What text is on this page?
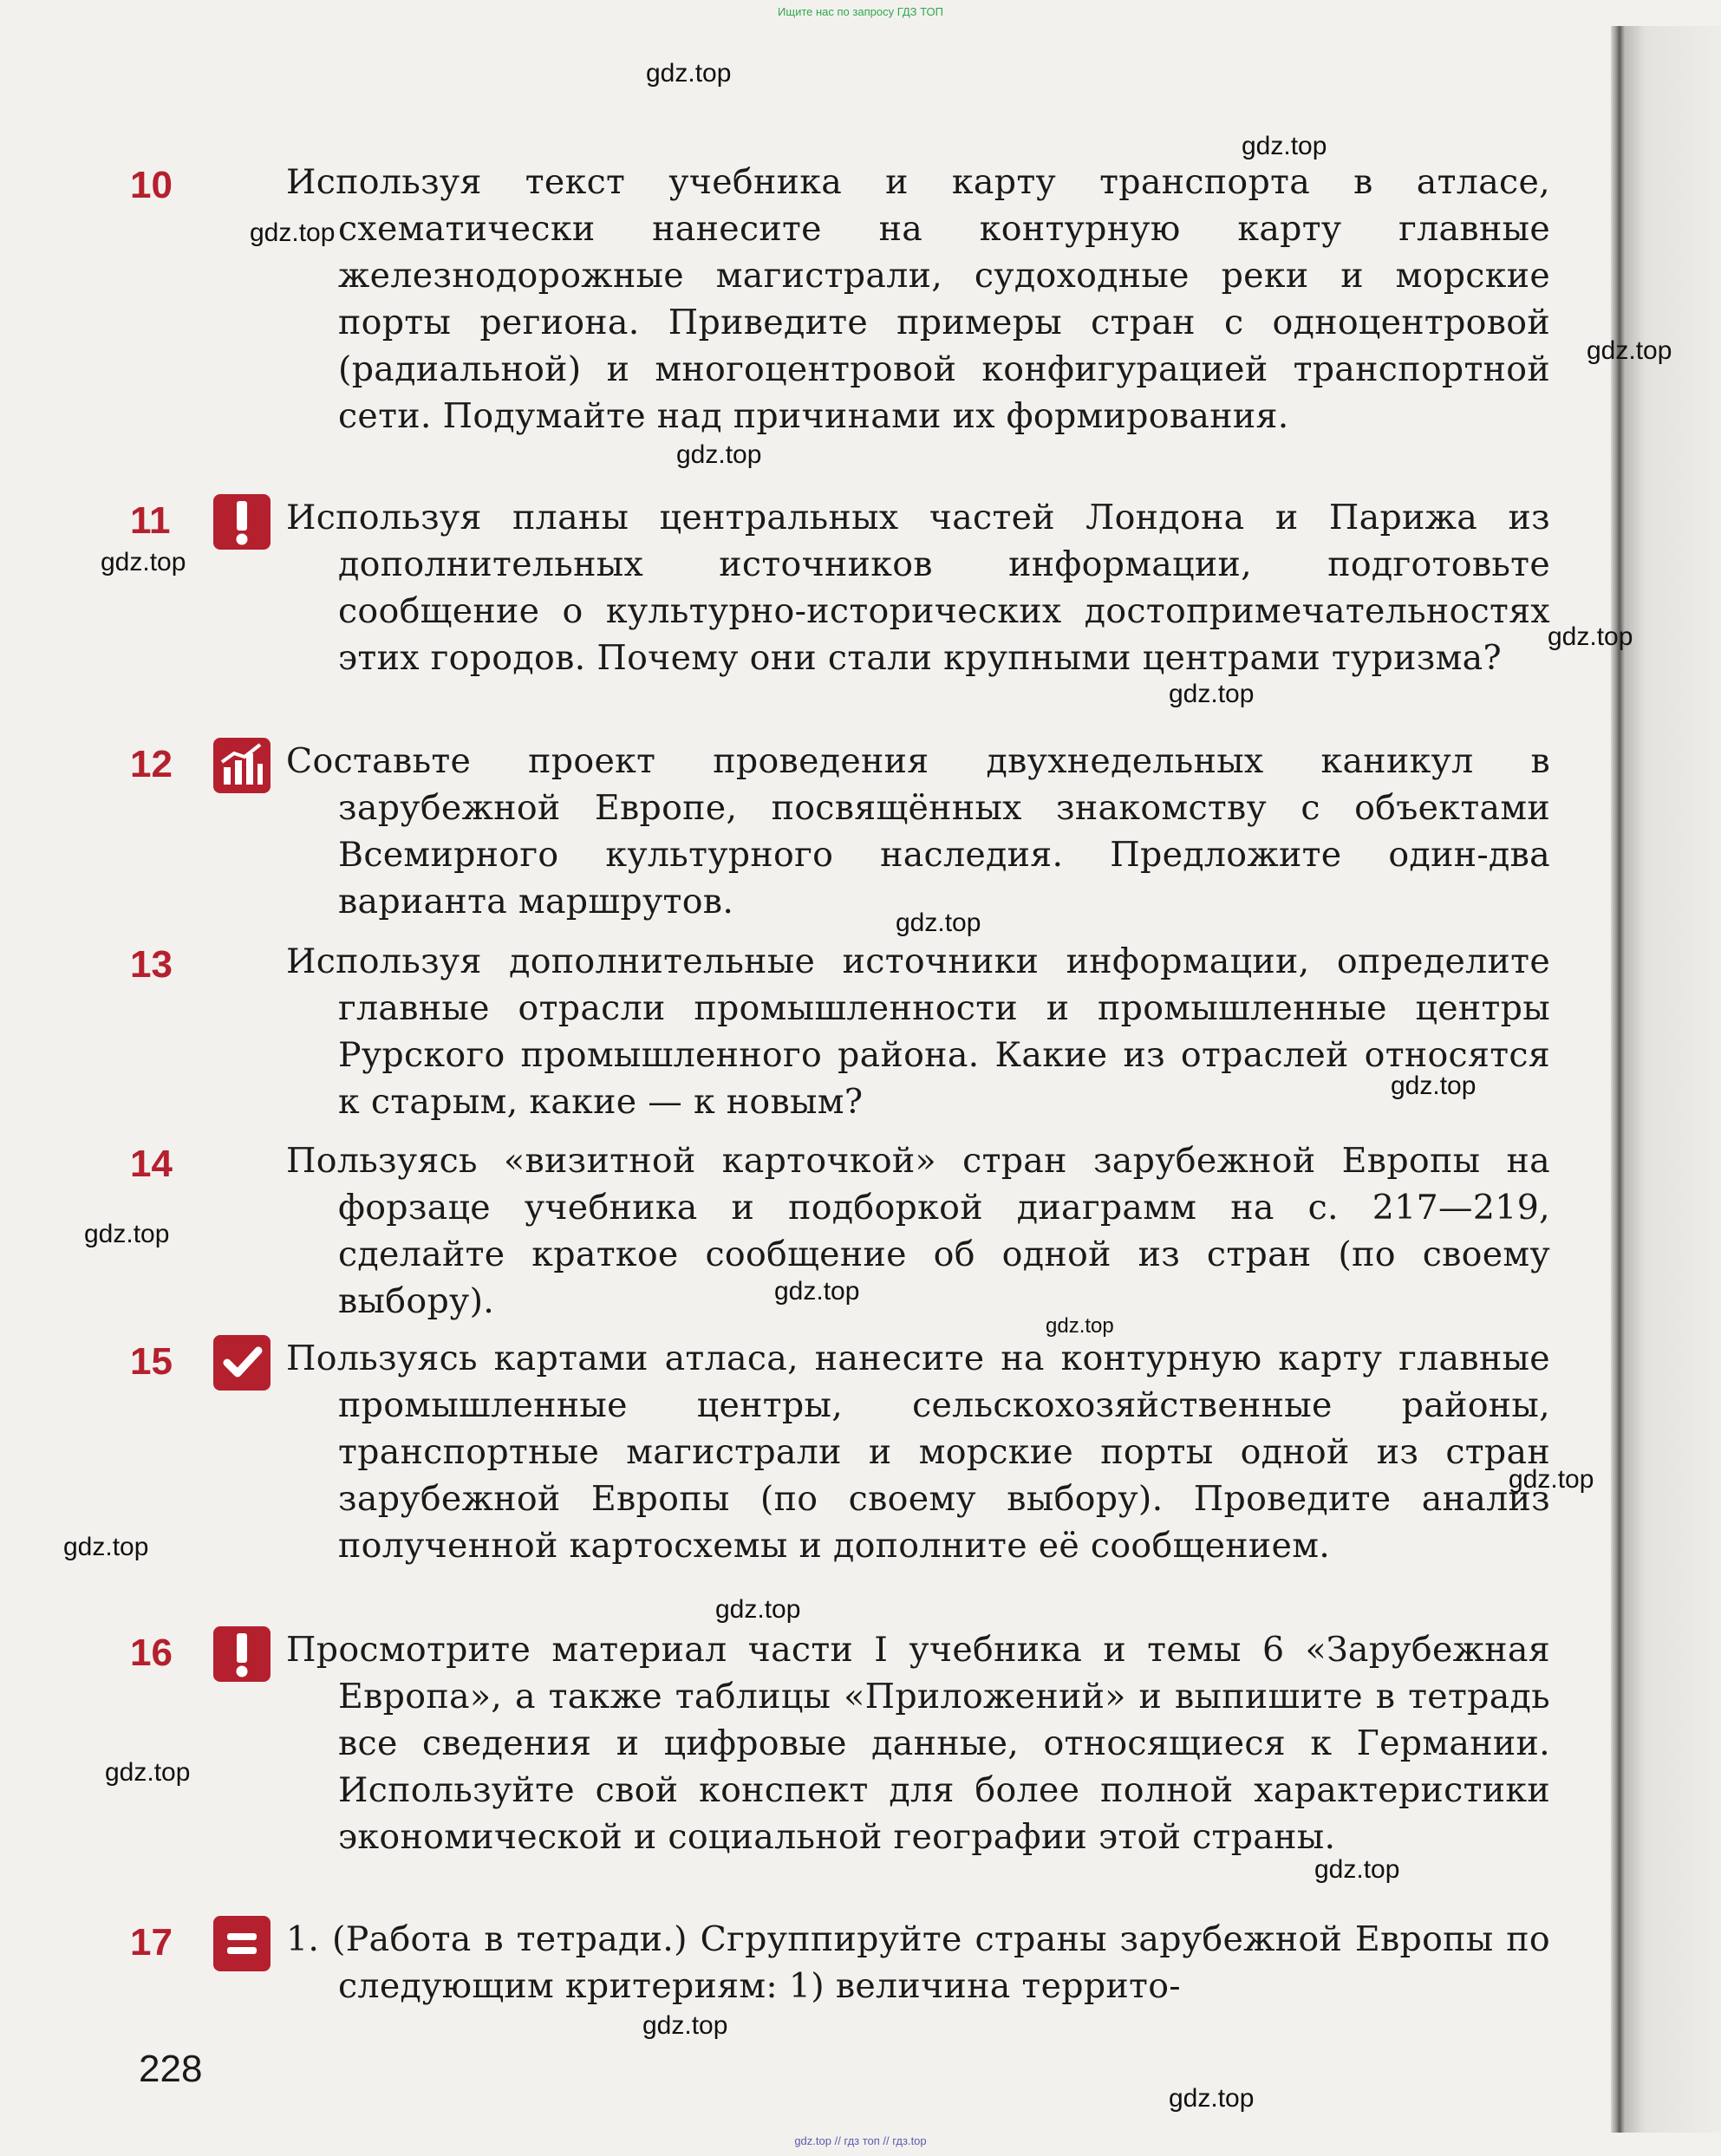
Ищите нас по запросу ГДЗ ТОП
10	Используя текст учебника и карту транспорта в атласе, схематически нанесите на контурную карту главные железнодорожные магистрали, судоходные реки и морские порты региона. Приведите примеры стран с одноцентровой (радиальной) и многоцентровой конфигурацией транспортной сети. Подумайте над причинами их формирования.
11	Используя планы центральных частей Лондона и Парижа из дополнительных источников информации, подготовьте сообщение о культурно-исторических достопримечательностях этих городов. Почему они стали крупными центрами туризма?
12	Составьте проект проведения двухнедельных каникул в зарубежной Европе, посвящённых знакомству с объектами Всемирного культурного наследия. Предложите один-два варианта маршрутов.
13	Используя дополнительные источники информации, определите главные отрасли промышленности и промышленные центры Рурского промышленного района. Какие из отраслей относятся к старым, какие — к новым?
14	Пользуясь «визитной карточкой» стран зарубежной Европы на форзаце учебника и подборкой диаграмм на с. 217—219, сделайте краткое сообщение об одной из стран (по своему выбору).
15	Пользуясь картами атласа, нанесите на контурную карту главные промышленные центры, сельскохозяйственные районы, транспортные магистрали и морские порты одной из стран зарубежной Европы (по своему выбору). Проведите анализ полученной картосхемы и дополните её сообщением.
16	Просмотрите материал части I учебника и темы 6 «Зарубежная Европа», а также таблицы «Приложений» и выпишите в тетрадь все сведения и цифровые данные, относящиеся к Германии. Используйте свой конспект для более полной характеристики экономической и социальной географии этой страны.
17	1. (Работа в тетради.) Сгруппируйте страны зарубежной Европы по следующим критериям: 1) величина террито-
228
gdz.top
gdz.top
gdz.top
gdz.top
gdz.top
gdz.top
gdz.top
gdz.top
gdz.top
gdz.top
gdz.top
gdz.top
gdz.top
gdz.top
gdz.top
gdz.top
gdz.top
gdz.top
gdz.top
gdz.top
gdz.top // гдз топ // гдз.top
